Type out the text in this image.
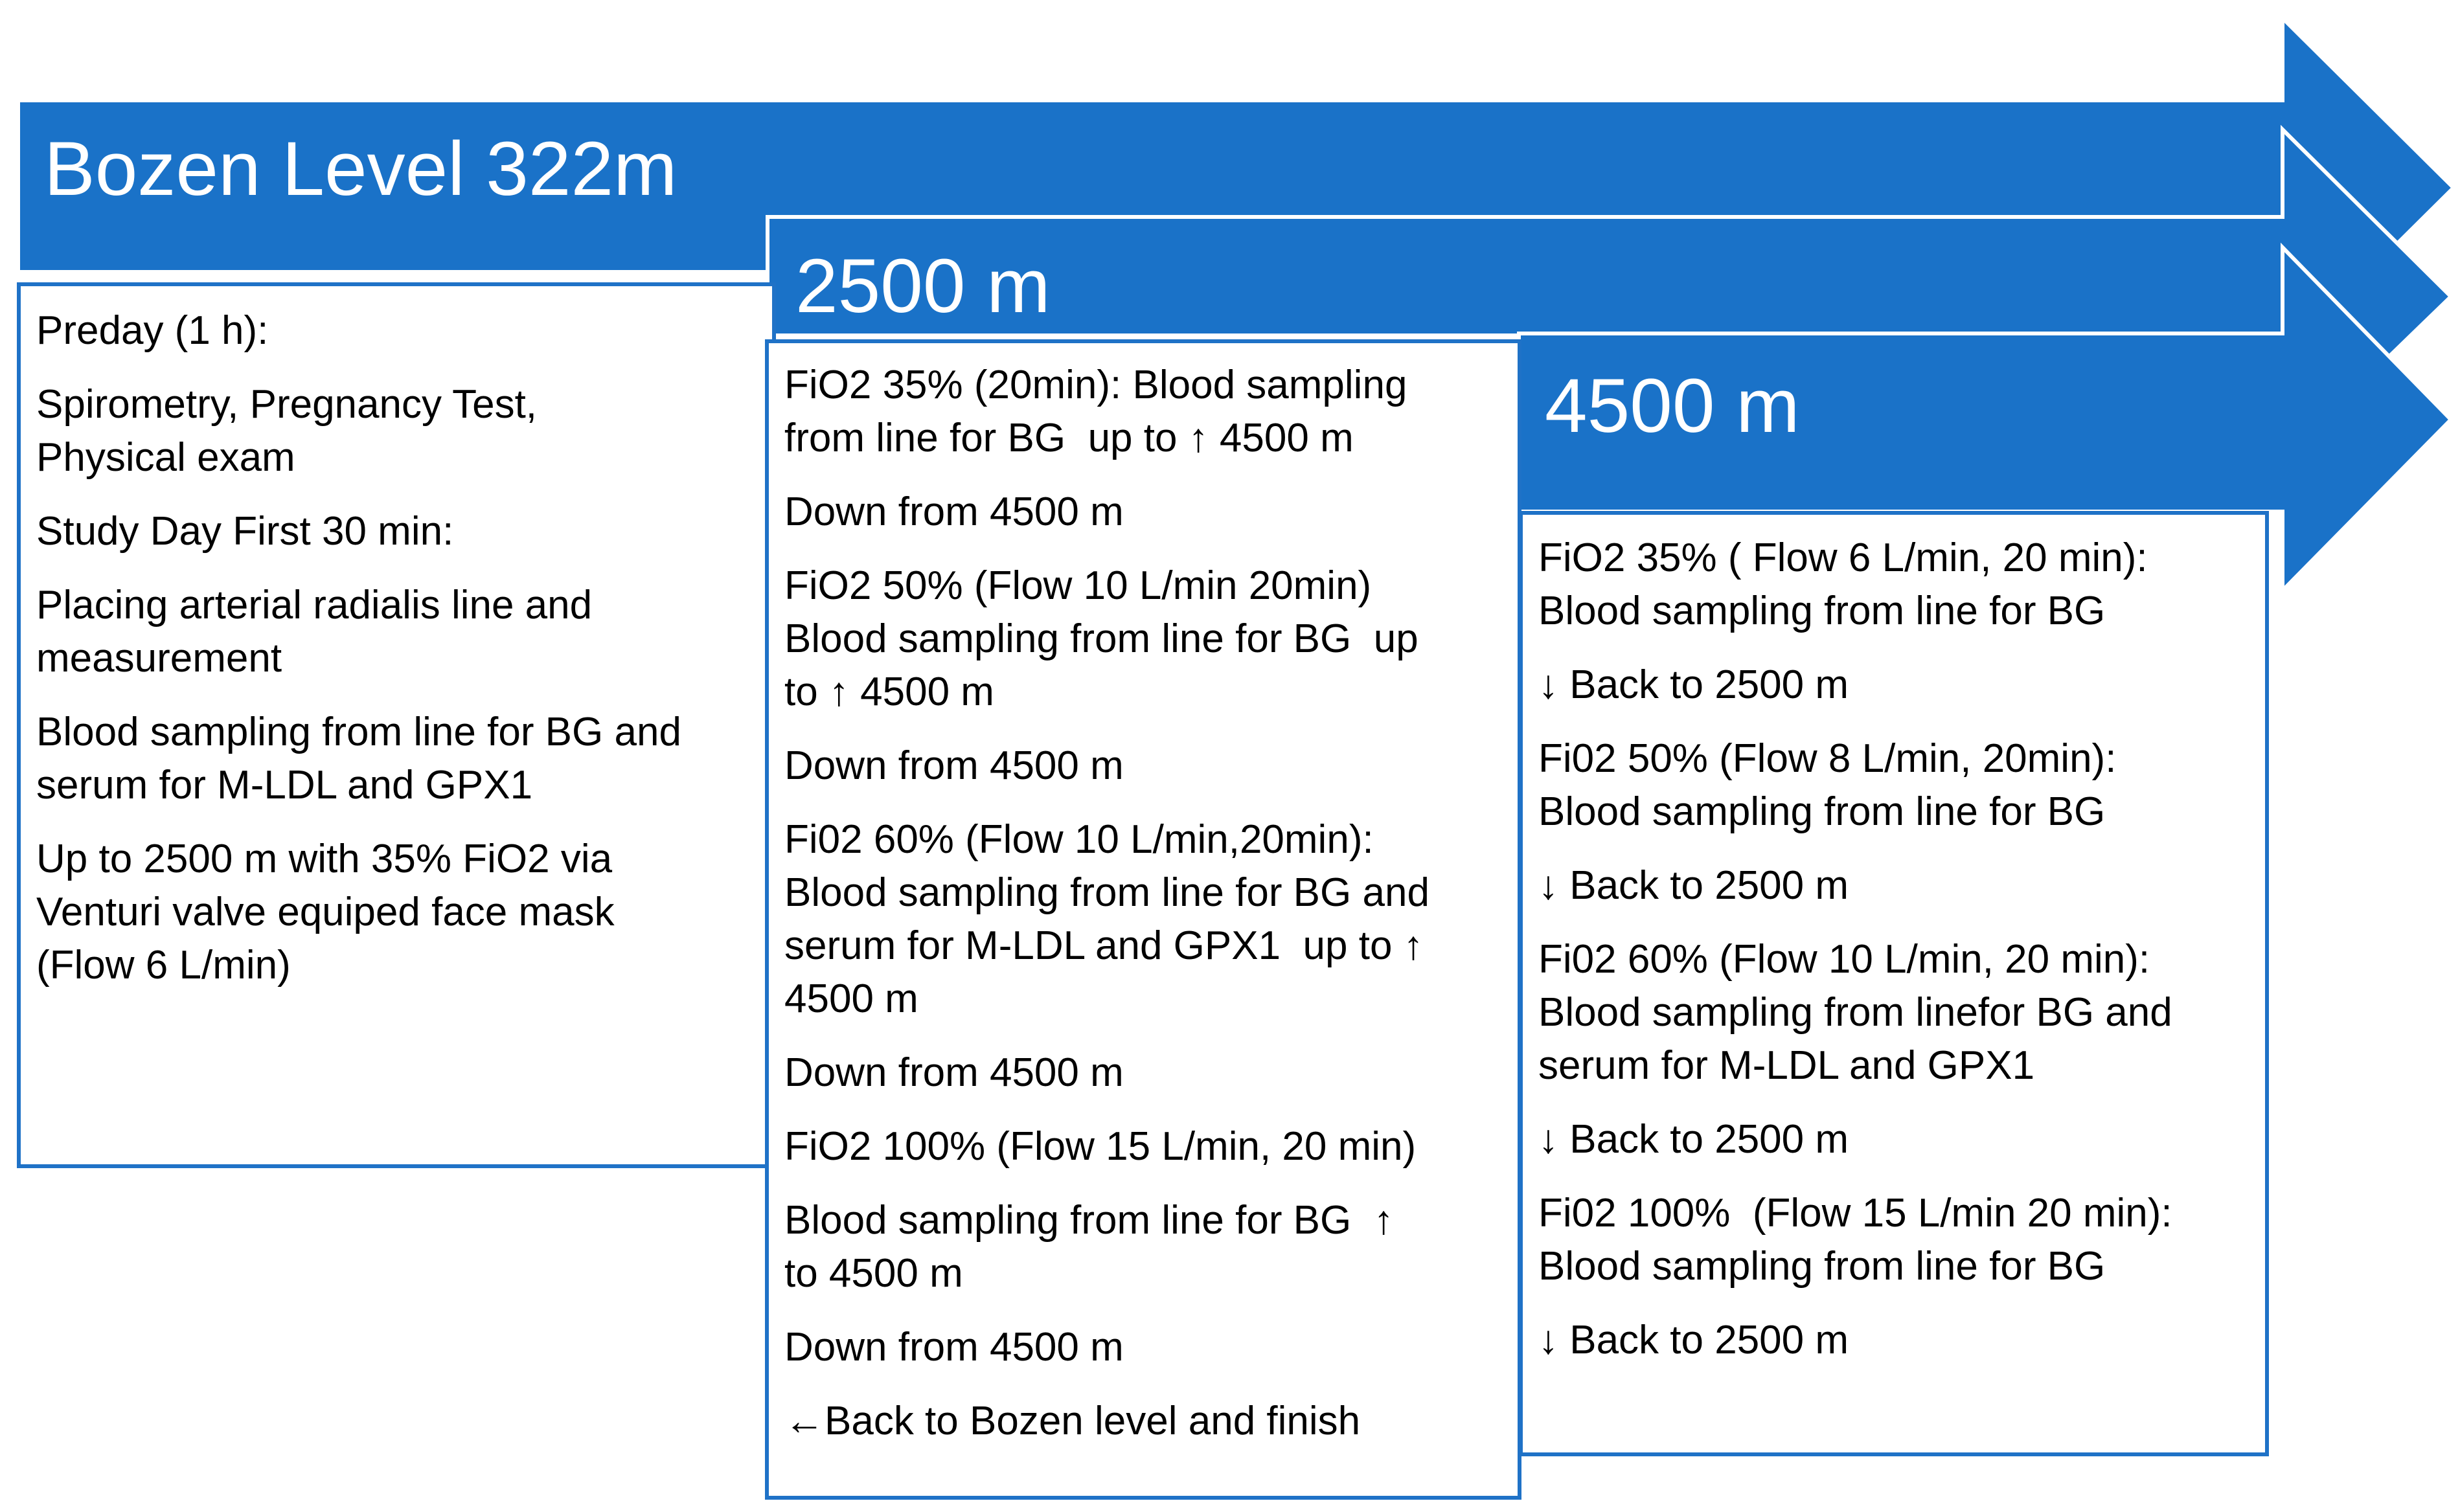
Bozen Level 322m
2500 m
4500 m
Preday (1 h):
Spirometry, Pregnancy Test,
Physical exam
Study Day First 30 min:
Placing arterial radialis line and
measurement
Blood sampling from line for BG and
serum for M-LDL and GPX1
Up to 2500 m with 35% FiO2 via
Venturi valve equiped face mask
(Flow 6 L/min)
FiO2 35% (20min): Blood sampling
from line for BG  up to ↑ 4500 m
Down from 4500 m
FiO2 50% (Flow 10 L/min 20min)
Blood sampling from line for BG  up
to ↑ 4500 m
Down from 4500 m
Fi02 60% (Flow 10 L/min,20min):
Blood sampling from line for BG and
serum for M-LDL and GPX1  up to ↑
4500 m
Down from 4500 m
FiO2 100% (Flow 15 L/min, 20 min)
Blood sampling from line for BG  ↑
to 4500 m
Down from 4500 m
←Back to Bozen level and finish
FiO2 35% ( Flow 6 L/min, 20 min):
Blood sampling from line for BG
↓ Back to 2500 m
Fi02 50% (Flow 8 L/min, 20min):
Blood sampling from line for BG
↓ Back to 2500 m
Fi02 60% (Flow 10 L/min, 20 min):
Blood sampling from linefor BG and
serum for M-LDL and GPX1
↓ Back to 2500 m
Fi02 100%  (Flow 15 L/min 20 min):
Blood sampling from line for BG
↓ Back to 2500 m
